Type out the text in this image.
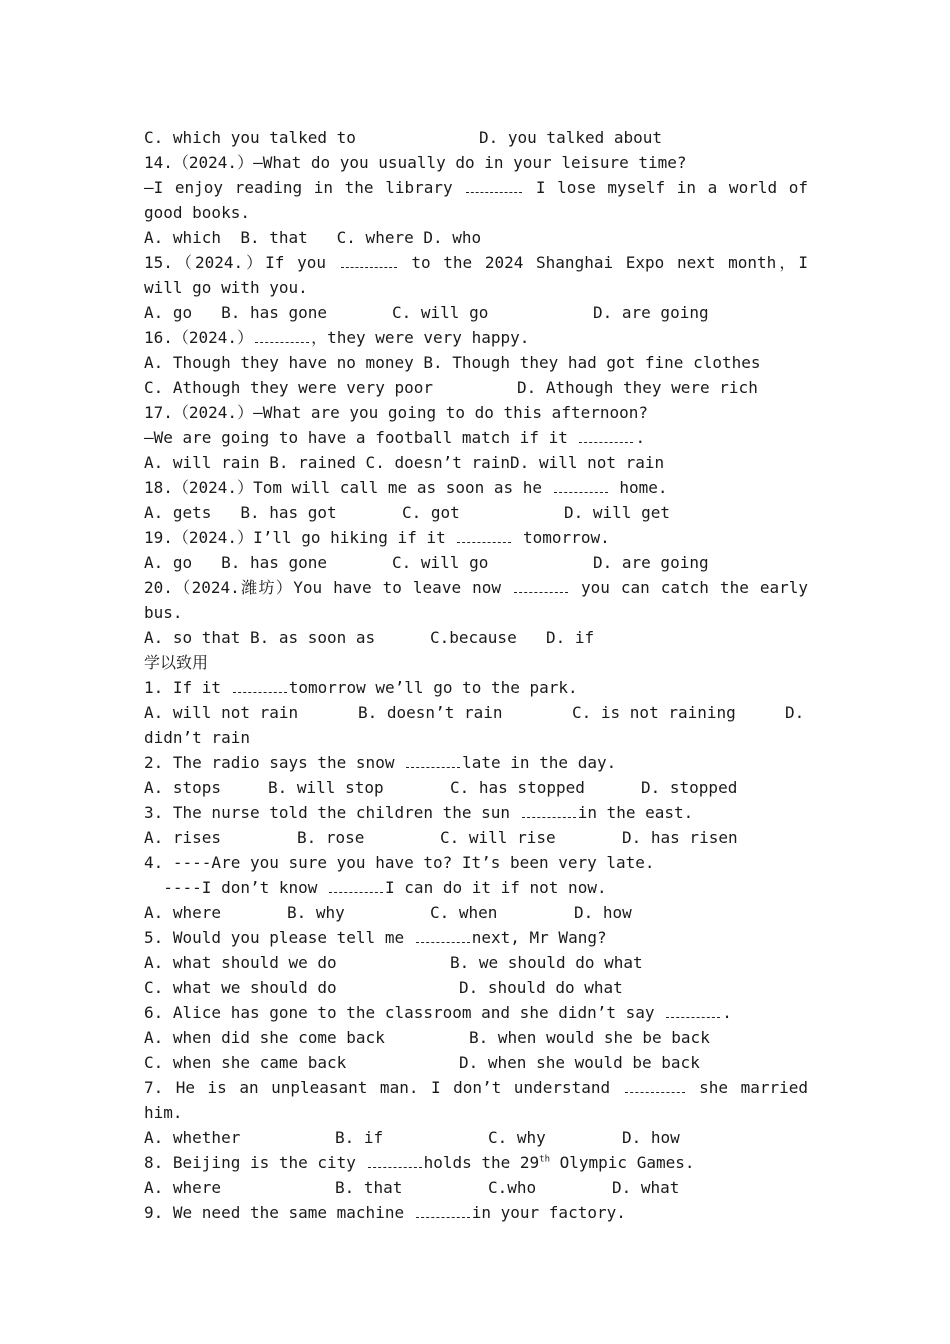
C. which you talked to

	D. you talked about

14.（2024.）—What do you usually do in your leisure time?
—I enjoy reading in the library	I lose myself in a world of
good books.
A. which  B. that   C. where D. who
15.（2024.）If you	to the 2024 Shanghai Expo next month，I
will go with you.

A. go   B. has gone

	C. will go

	D. are going

16.（2024.）	，they were very happy.
A. Though they have no money B. Though they had got fine clothes

C. Athough they were very poor

	D. Athough they were rich

17.（2024.）—What are you going to do this afternoon?
—We are going to have a football match if it	.
A. will rain B. rained C. doesn’t rainD. will not rain
18.（2024.）Tom will call me as soon as he	home.

A. gets   B. has got

	C. got

	D. will get

19.（2024.）I’ll go hiking if it	tomorrow.

A. go   B. has gone

	C. will go

	D. are going

20.（2024.潍坊）You have to leave now	you can catch the early
bus.

A. so that B. as soon as

	C.because

D. if

学以致用
1. If it	tomorrow we’ll go to the park.

A. will not rain

	B. doesn’t rain

	C. is not raining

	D.

didn’t rain
2. The radio says the snow	late in the day.

A. stops

	B. will stop

	C. has stopped

	D. stopped

3. The nurse told the children the sun	in the east.

A. rises

	B. rose

	C. will rise

	D. has risen

4. ----Are you sure you have to? It’s been very late.
----I don’t know	I can do it if not now.

A. where

	B. why

	C. when

	D. how

5. Would you please tell me	next, Mr Wang?

A. what should we do

	B. we should do what

C. what we should do

	D. should do what

6. Alice has gone to the classroom and she didn’t say	.

A. when did she come back

	B. when would she be back

C. when she came back

	D. when she would be back

7. He is an unpleasant man. I don’t understand	she married
him.

A. whether

	B. if

	C. why

	D. how

8. Beijing is the city	holds the 29th Olympic Games.

A. where

	B. that

	C.who

	D. what

9. We need the same machine	in your factory.
